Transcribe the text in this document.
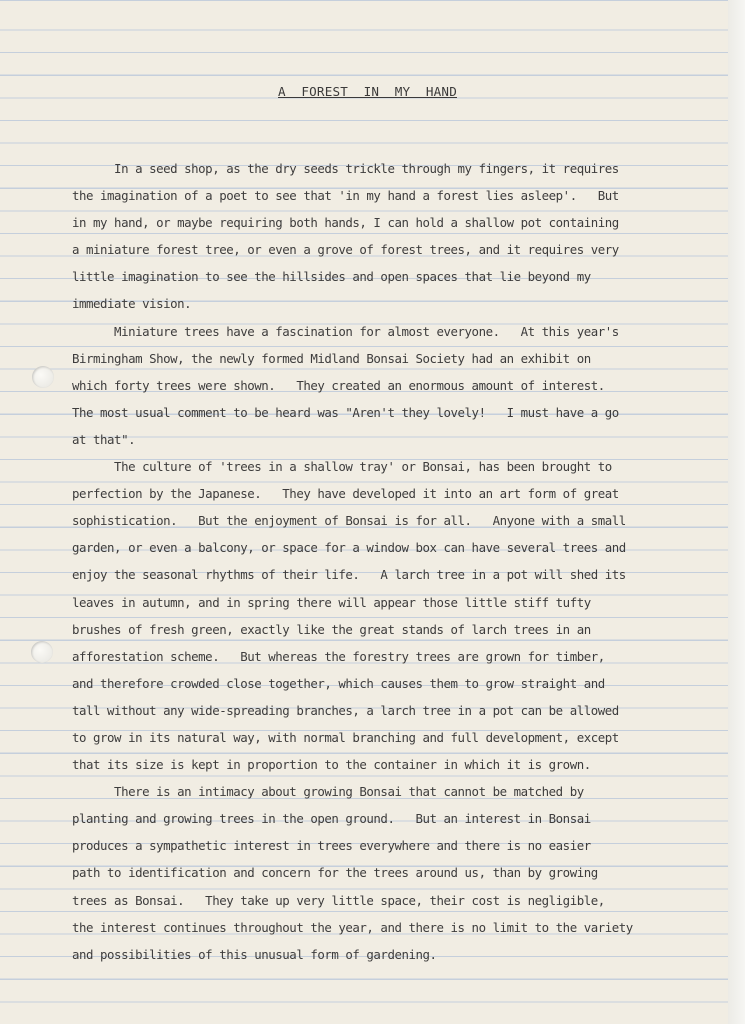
A  FOREST  IN  MY  HAND
In a seed shop, as the dry seeds trickle through my fingers, it requires
the imagination of a poet to see that 'in my hand a forest lies asleep'.   But
in my hand, or maybe requiring both hands, I can hold a shallow pot containing
a miniature forest tree, or even a grove of forest trees, and it requires very
little imagination to see the hillsides and open spaces that lie beyond my
immediate vision.
Miniature trees have a fascination for almost everyone.   At this year's
Birmingham Show, the newly formed Midland Bonsai Society had an exhibit on
which forty trees were shown.   They created an enormous amount of interest.
The most usual comment to be heard was "Aren't they lovely!   I must have a go
at that".
The culture of 'trees in a shallow tray' or Bonsai, has been brought to
perfection by the Japanese.   They have developed it into an art form of great
sophistication.   But the enjoyment of Bonsai is for all.   Anyone with a small
garden, or even a balcony, or space for a window box can have several trees and
enjoy the seasonal rhythms of their life.   A larch tree in a pot will shed its
leaves in autumn, and in spring there will appear those little stiff tufty
brushes of fresh green, exactly like the great stands of larch trees in an
afforestation scheme.   But whereas the forestry trees are grown for timber,
and therefore crowded close together, which causes them to grow straight and
tall without any wide-spreading branches, a larch tree in a pot can be allowed
to grow in its natural way, with normal branching and full development, except
that its size is kept in proportion to the container in which it is grown.
There is an intimacy about growing Bonsai that cannot be matched by
planting and growing trees in the open ground.   But an interest in Bonsai
produces a sympathetic interest in trees everywhere and there is no easier
path to identification and concern for the trees around us, than by growing
trees as Bonsai.   They take up very little space, their cost is negligible,
the interest continues throughout the year, and there is no limit to the variety
and possibilities of this unusual form of gardening.
